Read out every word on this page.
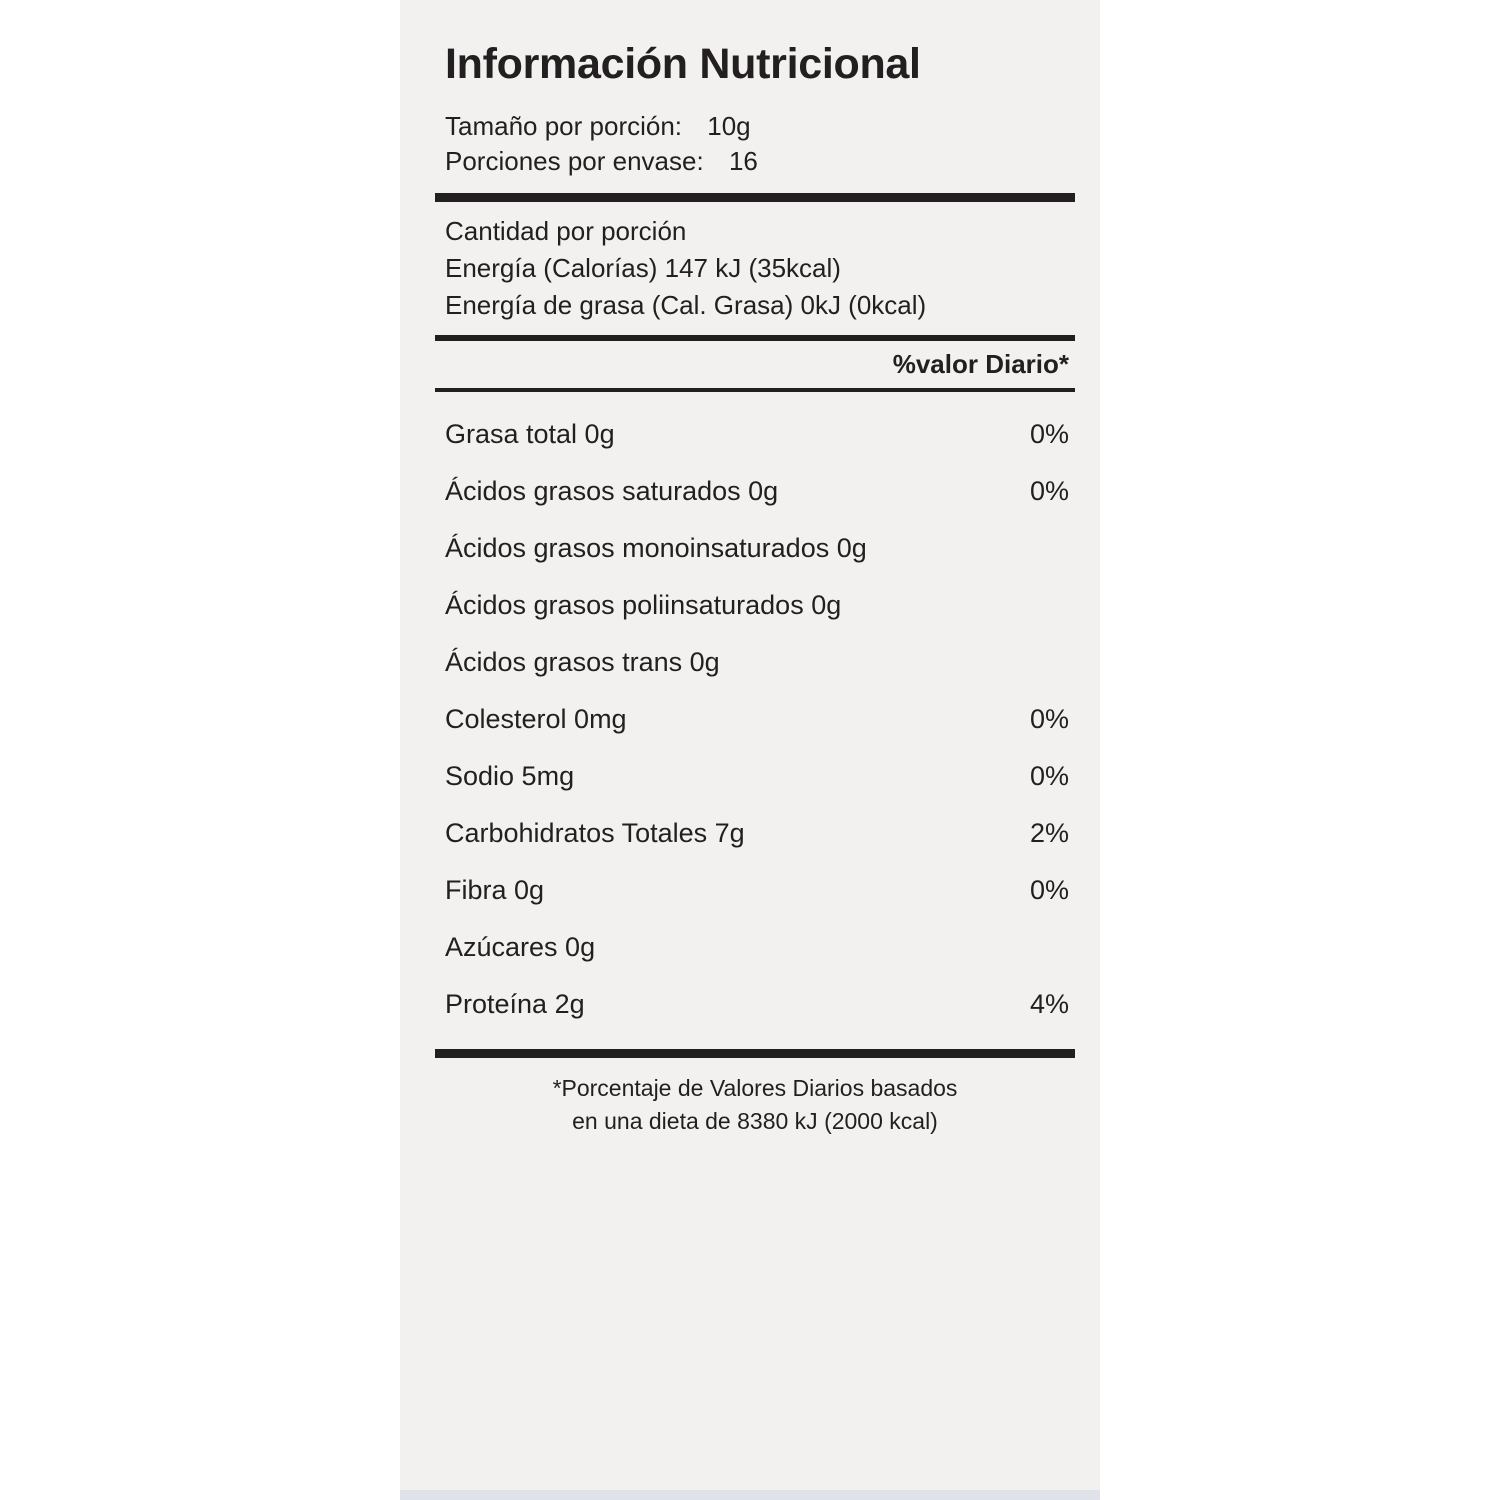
Información Nutricional
Tamaño por porción: 10g
Porciones por envase: 16
Cantidad por porción
Energía (Calorías) 147 kJ (35kcal)
Energía de grasa (Cal. Grasa) 0kJ (0kcal)
%valor Diario*
Grasa total 0g	0%
Ácidos grasos saturados 0g	0%
Ácidos grasos monoinsaturados 0g
Ácidos grasos poliinsaturados 0g
Ácidos grasos trans 0g
Colesterol 0mg	0%
Sodio 5mg	0%
Carbohidratos Totales 7g	2%
Fibra 0g	0%
Azúcares 0g
Proteína 2g	4%
*Porcentaje de Valores Diarios basados
en una dieta de 8380 kJ (2000 kcal)
